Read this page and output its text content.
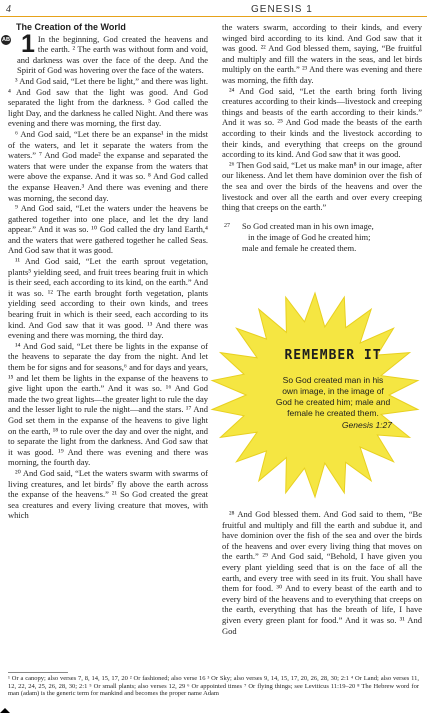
4	GENESIS 1
The Creation of the World
AB 1 In the beginning, God created the heavens and the earth. ² The earth was without form and void, and darkness was over the face of the deep. And the Spirit of God was hovering over the face of the waters.

³ And God said, “Let there be light,” and there was light. ⁴ And God saw that the light was good. And God separated the light from the darkness. ⁵ God called the light Day, and the darkness he called Night. And there was evening and there was morning, the first day.

⁶ And God said, “Let there be an expanse¹ in the midst of the waters, and let it separate the waters from the waters.” ⁷ And God made² the expanse and separated the waters that were under the expanse from the waters that were above the expanse. And it was so. ⁸ And God called the expanse Heaven.³ And there was evening and there was morning, the second day.

⁹ And God said, “Let the waters under the heavens be gathered together into one place, and let the dry land appear.” And it was so. ¹⁰ God called the dry land Earth,⁴ and the waters that were gathered together he called Seas. And God saw that it was good.

¹¹ And God said, “Let the earth sprout vegetation, plants⁵ yielding seed, and fruit trees bearing fruit in which is their seed, each according to its kind, on the earth.” And it was so. ¹² The earth brought forth vegetation, plants yielding seed according to their own kinds, and trees bearing fruit in which is their seed, each according to its kind. And God saw that it was good. ¹³ And there was evening and there was morning, the third day.

¹⁴ And God said, “Let there be lights in the expanse of the heavens to separate the day from the night. And let them be for signs and for seasons,⁶ and for days and years, ¹⁵ and let them be lights in the expanse of the heavens to give light upon the earth.” And it was so. ¹⁶ And God made the two great lights—the greater light to rule the day and the lesser light to rule the night—and the stars. ¹⁷ And God set them in the expanse of the heavens to give light on the earth, ¹⁸ to rule over the day and over the night, and to separate the light from the darkness. And God saw that it was good. ¹⁹ And there was evening and there was morning, the fourth day.

²⁰ And God said, “Let the waters swarm with swarms of living creatures, and let birds⁷ fly above the earth across the expanse of the heavens.” ²¹ So God created the great sea creatures and every living creature that moves, with which

the waters swarm, according to their kinds, and every winged bird according to its kind. And God saw that it was good. ²² And God blessed them, saying, “Be fruitful and multiply and fill the waters in the seas, and let birds multiply on the earth.” ²³ And there was evening and there was morning, the fifth day.

²⁴ And God said, “Let the earth bring forth living creatures according to their kinds—livestock and creeping things and beasts of the earth according to their kinds.” And it was so. ²⁵ And God made the beasts of the earth according to their kinds and the livestock according to their kinds, and everything that creeps on the ground according to its kind. And God saw that it was good.

²⁶ Then God said, “Let us make man⁸ in our image, after our likeness. And let them have dominion over the fish of the sea and over the birds of the heavens and over the livestock and over all the earth and over every creeping thing that creeps on the earth.”

27 So God created man in his own image,
in the image of God he created him;
male and female he created them.
REMEMBER IT
So God created man in his own image, in the image of God he created him; male and female he created them.
Genesis 1:27

²⁸ And God blessed them. And God said to them, “Be fruitful and multiply and fill the earth and subdue it, and have dominion over the fish of the sea and over the birds of the heavens and over every living thing that moves on the earth.” ²⁹ And God said, “Behold, I have given you every plant yielding seed that is on the face of all the earth, and every tree with seed in its fruit. You shall have them for food. ³⁰ And to every beast of the earth and to every bird of the heavens and to everything that creeps on the earth, everything that has the breath of life, I have given every green plant for food.” And it was so. ³¹ And God

¹ Or a canopy; also verses 7, 8, 14, 15, 17, 20 ² Or fashioned; also verse 16 ³ Or Sky; also verses 9, 14, 15, 17, 20, 26, 28, 30; 2:1 ⁴ Or Land; also verses 11, 12, 22, 24, 25, 26, 28, 30; 2:1 ⁵ Or small plants; also verses 12, 29 ⁶ Or appointed times ⁷ Or flying things; see Leviticus 11:19–20 ⁸ The Hebrew word for man (adam) is the generic term for mankind and becomes the proper name Adam
